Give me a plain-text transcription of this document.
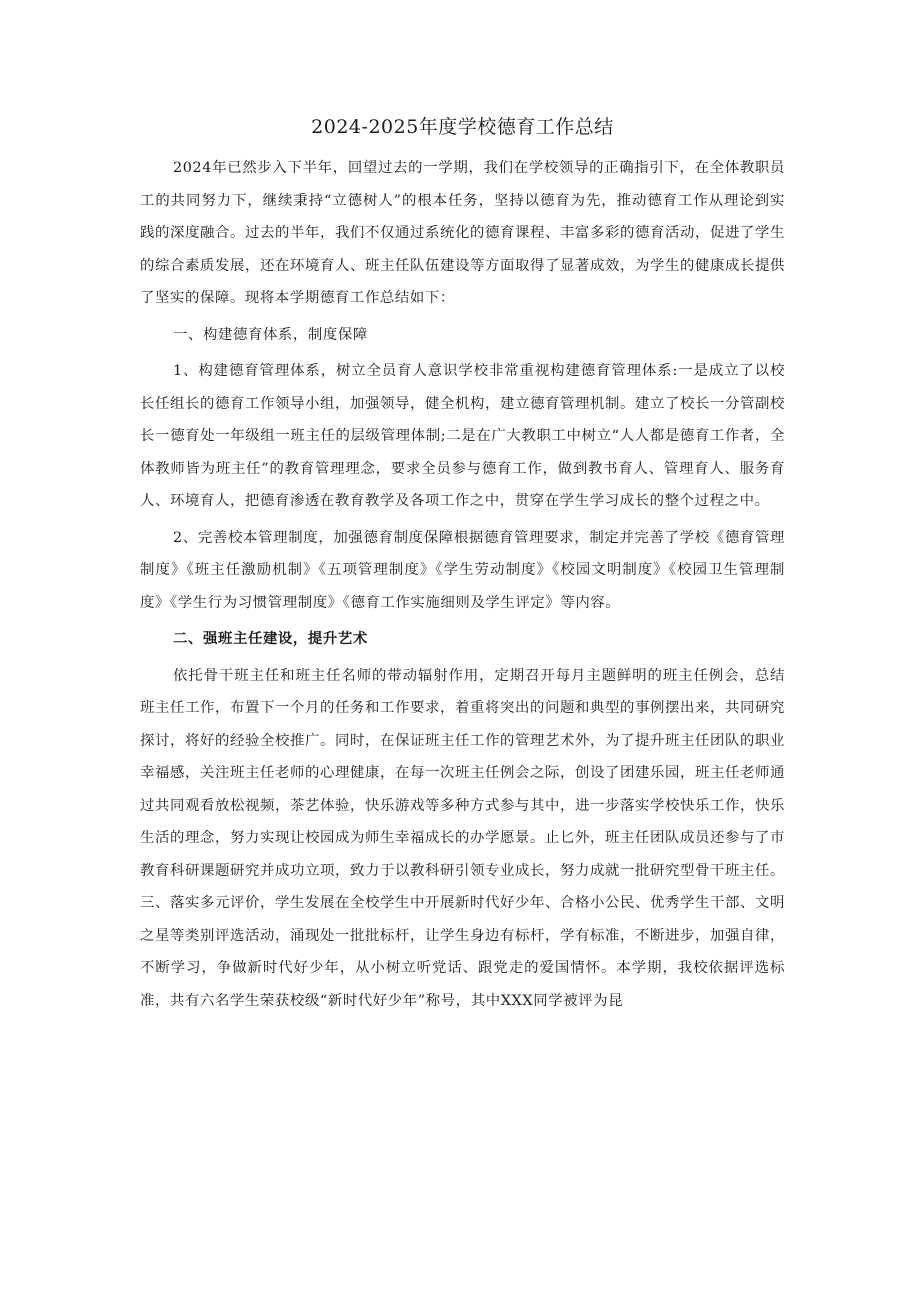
2024-2025年度学校德育工作总结

2024年已然步入下半年，回望过去的一学期，我们在学校领导的正确指引下，在全体教职员工的共同努力下，继续秉持“立德树人”的根本任务，坚持以德育为先，推动德育工作从理论到实践的深度融合。过去的半年，我们不仅通过系统化的德育课程、丰富多彩的德育活动，促进了学生的综合素质发展，还在环境育人、班主任队伍建设等方面取得了显著成效，为学生的健康成长提供了坚实的保障。现将本学期德育工作总结如下：

一、构建德育体系，制度保障

1、构建德育管理体系，树立全员育人意识学校非常重视构建德育管理体系:一是成立了以校长任组长的德育工作领导小组，加强领导，健全机构，建立德育管理机制。建立了校长一分管副校长一德育处一年级组一班主任的层级管理体制;二是在广大教职工中树立“人人都是德育工作者，全体教师皆为班主任”的教育管理理念，要求全员参与德育工作，做到教书育人、管理育人、服务育人、环境育人，把德育渗透在教育教学及各项工作之中，贯穿在学生学习成长的整个过程之中。

2、完善校本管理制度，加强德育制度保障根据德育管理要求，制定并完善了学校《德育管理制度》《班主任激励机制》《五项管理制度》《学生劳动制度》《校园文明制度》《校园卫生管理制度》《学生行为习惯管理制度》《德育工作实施细则及学生评定》等内容。

二、强班主任建设，提升艺术

依托骨干班主任和班主任名师的带动辐射作用，定期召开每月主题鲜明的班主任例会，总结班主任工作，布置下一个月的任务和工作要求，着重将突出的问题和典型的事例摆出来，共同研究探讨，将好的经验全校推广。同时，在保证班主任工作的管理艺术外，为了提升班主任团队的职业幸福感，关注班主任老师的心理健康，在每一次班主任例会之际，创设了团建乐园，班主任老师通过共同观看放松视频，茶艺体验，快乐游戏等多种方式参与其中，进一步落实学校快乐工作，快乐生活的理念，努力实现让校园成为师生幸福成长的办学愿景。止匕外，班主任团队成员还参与了市教育科研课题研究并成功立项，致力于以教科研引领专业成长，努力成就一批研究型骨干班主任。三、落实多元评价，学生发展在全校学生中开展新时代好少年、合格小公民、优秀学生干部、文明之星等类别评选活动，涌现处一批批标杆，让学生身边有标杆，学有标准，不断进步，加强自律，不断学习，争做新时代好少年，从小树立听党话、跟党走的爱国情怀。本学期，我校依据评选标准，共有六名学生荣获校级“新时代好少年”称号，其中XXX同学被评为昆
